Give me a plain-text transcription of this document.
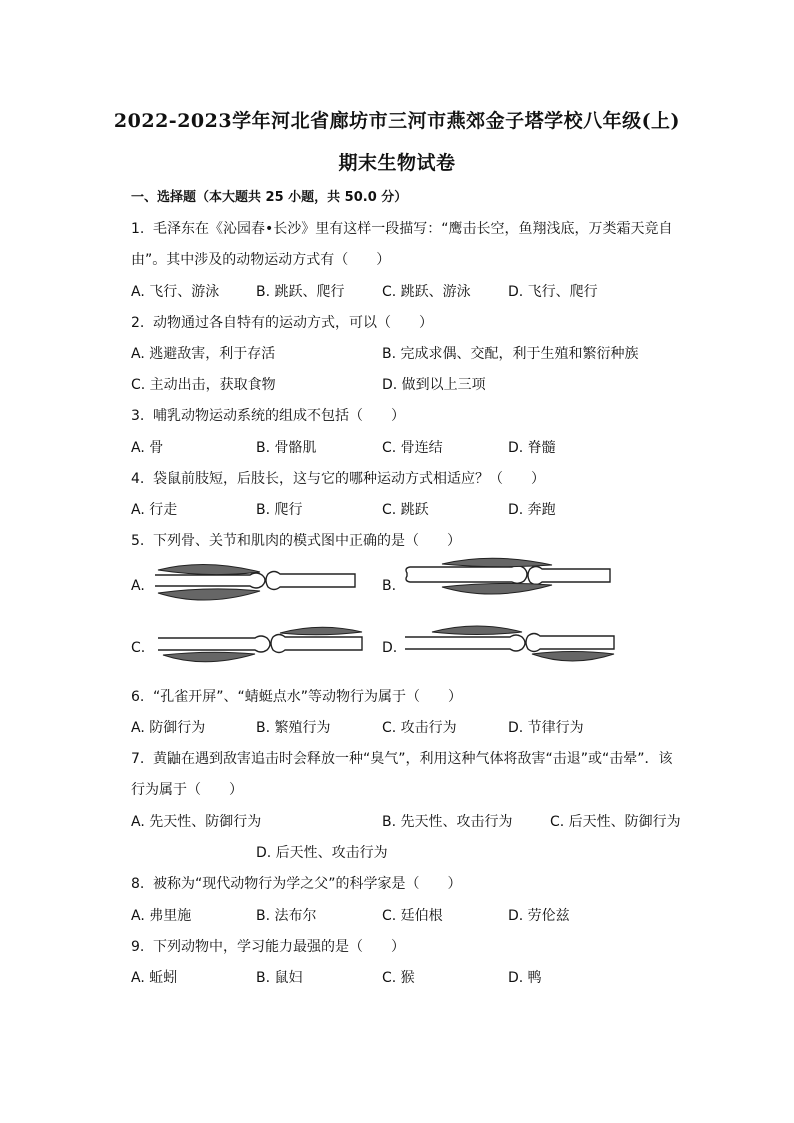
2022-2023学年河北省廊坊市三河市燕郊金子塔学校八年级(上)
期末生物试卷
一、选择题（本大题共 25 小题，共 50.0 分）
1. 毛泽东在《沁园春•长沙》里有这样一段描写：“鹰击长空，鱼翔浅底，万类霜天竞自
由”。其中涉及的动物运动方式有（　　）
A. 飞行、游泳	B. 跳跃、爬行	C. 跳跃、游泳	D. 飞行、爬行
2. 动物通过各自特有的运动方式，可以（　　）
A. 逃避敌害，利于存活	B. 完成求偶、交配，利于生殖和繁衍种族
C. 主动出击，获取食物	D. 做到以上三项
3. 哺乳动物运动系统的组成不包括（　　）
A. 骨	B. 骨骼肌	C. 骨连结	D. 脊髓
4. 袋鼠前肢短，后肢长，这与它的哪种运动方式相适应？（　　）
A. 行走	B. 爬行	C. 跳跃	D. 奔跑
5. 下列骨、关节和肌肉的模式图中正确的是（　　）
A.	B.
C.	D.
6. “孔雀开屏”、“蜻蜓点水”等动物行为属于（　　）
A. 防御行为	B. 繁殖行为	C. 攻击行为	D. 节律行为
7. 黄鼬在遇到敌害追击时会释放一种“臭气”，利用这种气体将敌害“击退”或“击晕”．该
行为属于（　　）
A. 先天性、防御行为	B. 先天性、攻击行为	C. 后天性、防御行为
D. 后天性、攻击行为
8. 被称为“现代动物行为学之父”的科学家是（　　）
A. 弗里施	B. 法布尔	C. 廷伯根	D. 劳伦兹
9. 下列动物中，学习能力最强的是（　　）
A. 蚯蚓	B. 鼠妇	C. 猴	D. 鸭
